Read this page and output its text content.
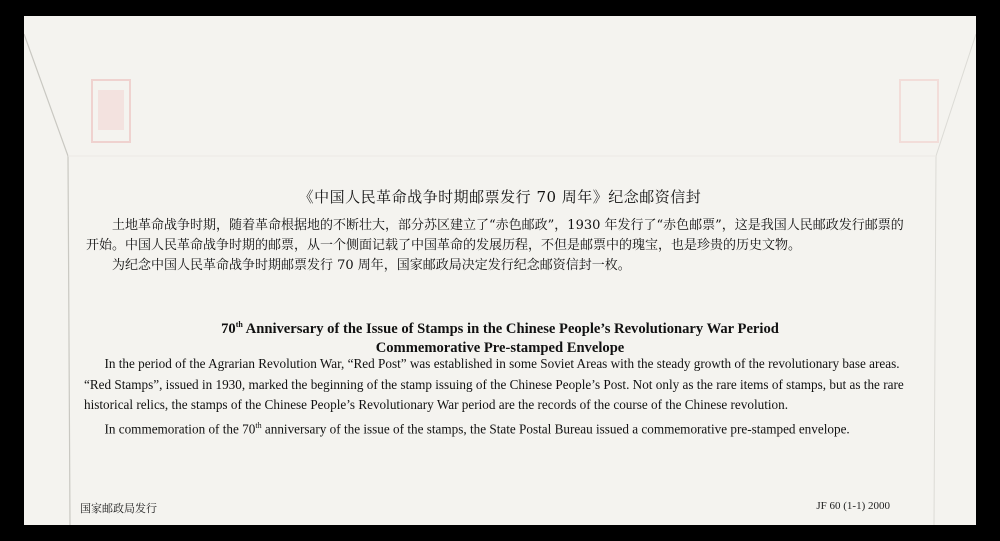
《中国人民革命战争时期邮票发行 70 周年》纪念邮资信封

土地革命战争时期，随着革命根据地的不断壮大，部分苏区建立了“赤色邮政”，1930 年发行了“赤色邮票”，这是我国人民邮政发行邮票的开始。中国人民革命战争时期的邮票，从一个侧面记载了中国革命的发展历程，不但是邮票中的瑰宝，也是珍贵的历史文物。

为纪念中国人民革命战争时期邮票发行 70 周年，国家邮政局决定发行纪念邮资信封一枚。

70th Anniversary of the Issue of Stamps in the Chinese People’s Revolutionary War Period
Commemorative Pre-stamped Envelope

In the period of the Agrarian Revolution War, “Red Post” was established in some Soviet Areas with the steady growth of the revolutionary base areas. “Red Stamps”, issued in 1930, marked the beginning of the stamp issuing of the Chinese People’s Post. Not only as the rare items of stamps, but as the rare historical relics, the stamps of the Chinese People’s Revolutionary War period are the records of the course of the Chinese revolution.

In commemoration of the 70th anniversary of the issue of the stamps, the State Postal Bureau issued a commemorative pre-stamped envelope.

国家邮政局发行	JF 60 (1-1) 2000
